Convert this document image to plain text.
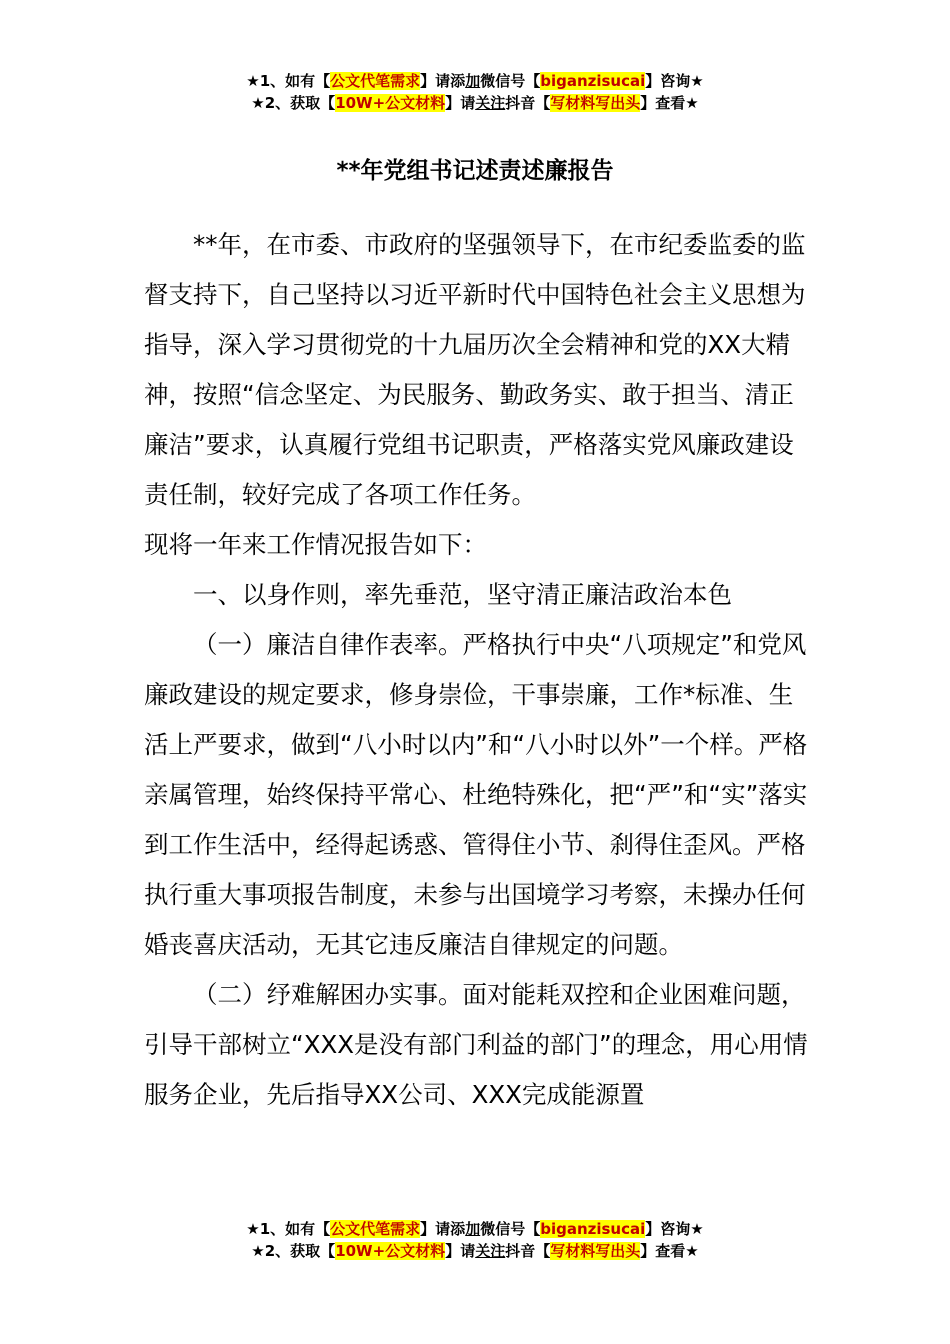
★1、如有【公文代笔需求】请添加微信号【biganzisucai】咨询★
★2、获取【10W+公文材料】请关注抖音【写材料写出头】查看★
**年党组书记述责述廉报告

**年，在市委、市政府的坚强领导下，在市纪委监委的监督支持下，自己坚持以习近平新时代中国特色社会主义思想为指导，深入学习贯彻党的十九届历次全会精神和党的XX大精神，按照“信念坚定、为民服务、勤政务实、敢于担当、清正廉洁”要求，认真履行党组书记职责，严格落实党风廉政建设责任制，较好完成了各项工作任务。

现将一年来工作情况报告如下：

一、以身作则，率先垂范，坚守清正廉洁政治本色

（一）廉洁自律作表率。严格执行中央“八项规定”和党风廉政建设的规定要求，修身崇俭，干事崇廉，工作*标准、生活上严要求，做到“八小时以内”和“八小时以外”一个样。严格亲属管理，始终保持平常心、杜绝特殊化，把“严”和“实”落实到工作生活中，经得起诱惑、管得住小节、刹得住歪风。严格执行重大事项报告制度，未参与出国境学习考察，未操办任何婚丧喜庆活动，无其它违反廉洁自律规定的问题。

（二）纾难解困办实事。面对能耗双控和企业困难问题，引导干部树立“XXX是没有部门利益的部门”的理念，用心用情服务企业，先后指导XX公司、XXX完成能源置

★1、如有【公文代笔需求】请添加微信号【biganzisucai】咨询★
★2、获取【10W+公文材料】请关注抖音【写材料写出头】查看★
